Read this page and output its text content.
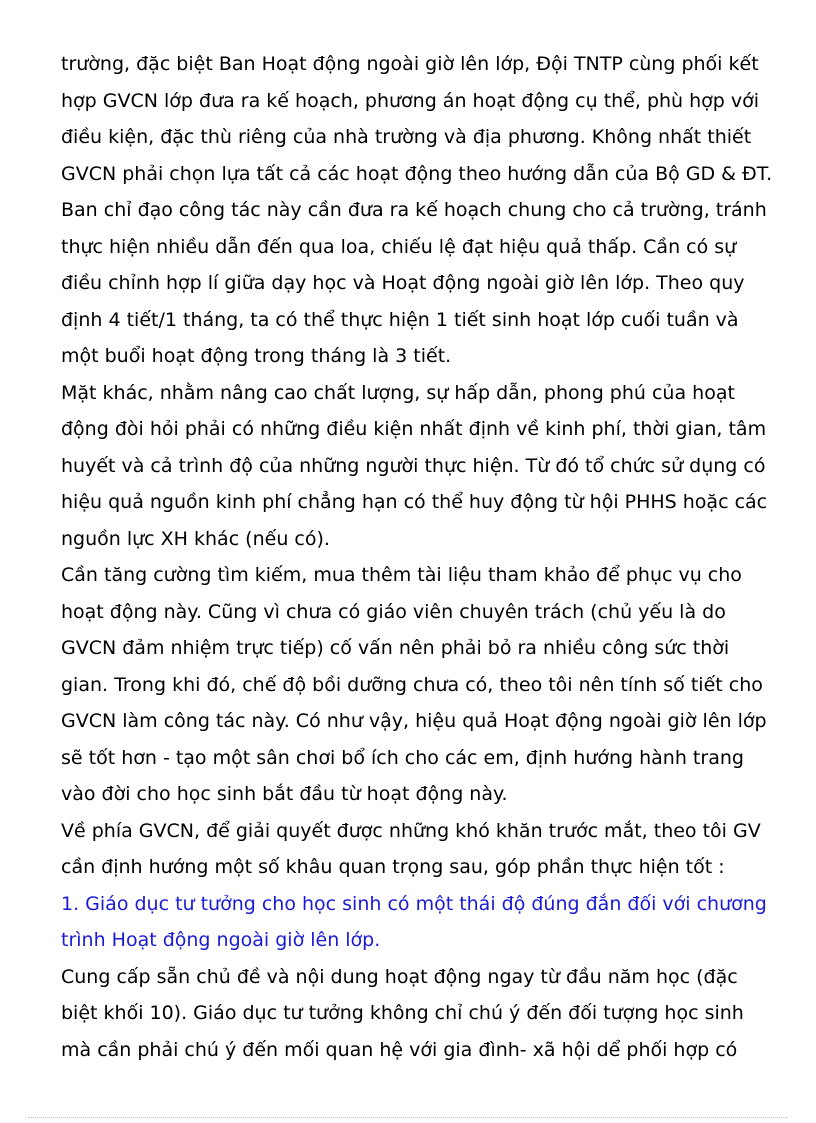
trường, đặc biệt Ban Hoạt động ngoài giờ lên lớp, Đội TNTP cùng phối kết
hợp GVCN lớp đưa ra kế hoạch, phương án hoạt động cụ thể, phù hợp với
điều kiện, đặc thù riêng của nhà trường và địa phương. Không nhất thiết
GVCN phải chọn lựa tất cả các hoạt động theo hướng dẫn của Bộ GD & ĐT.
Ban chỉ đạo công tác này cần đưa ra kế hoạch chung cho cả trường, tránh
thực hiện nhiều dẫn đến qua loa, chiếu lệ đạt hiệu quả thấp. Cần có sự
điều chỉnh hợp lí giữa dạy học và Hoạt động ngoài giờ lên lớp. Theo quy
định 4 tiết/1 tháng, ta có thể thực hiện 1 tiết sinh hoạt lớp cuối tuần và
một buổi hoạt động trong tháng là 3 tiết.
Mặt khác, nhằm nâng cao chất lượng, sự hấp dẫn, phong phú của hoạt
động đòi hỏi phải có những điều kiện nhất định về kinh phí, thời gian, tâm
huyết và cả trình độ của những người thực hiện. Từ đó tổ chức sử dụng có
hiệu quả nguồn kinh phí chẳng hạn có thể huy động từ hội PHHS hoặc các
nguồn lực XH khác (nếu có).
Cần tăng cường tìm kiếm, mua thêm tài liệu tham khảo để phục vụ cho
hoạt động này. Cũng vì chưa có giáo viên chuyên trách (chủ yếu là do
GVCN đảm nhiệm trực tiếp) cố vấn nên phải bỏ ra nhiều công sức thời
gian. Trong khi đó, chế độ bồi dưỡng chưa có, theo tôi nên tính số tiết cho
GVCN làm công tác này. Có như vậy, hiệu quả Hoạt động ngoài giờ lên lớp
sẽ tốt hơn - tạo một sân chơi bổ ích cho các em, định hướng hành trang
vào đời cho học sinh bắt đầu từ hoạt động này.
Về phía GVCN, để giải quyết được những khó khăn trước mắt, theo tôi GV
cần định hướng một số khâu quan trọng sau, góp phần thực hiện tốt :
1. Giáo dục tư tưởng cho học sinh có một thái độ đúng đắn đối với chương
trình Hoạt động ngoài giờ lên lớp.
Cung cấp sẵn chủ đề và nội dung hoạt động ngay từ đầu năm học (đặc
biệt khối 10). Giáo dục tư tưởng không chỉ chú ý đến đối tượng học sinh
mà cần phải chú ý đến mối quan hệ với gia đình- xã hội dể phối hợp có
